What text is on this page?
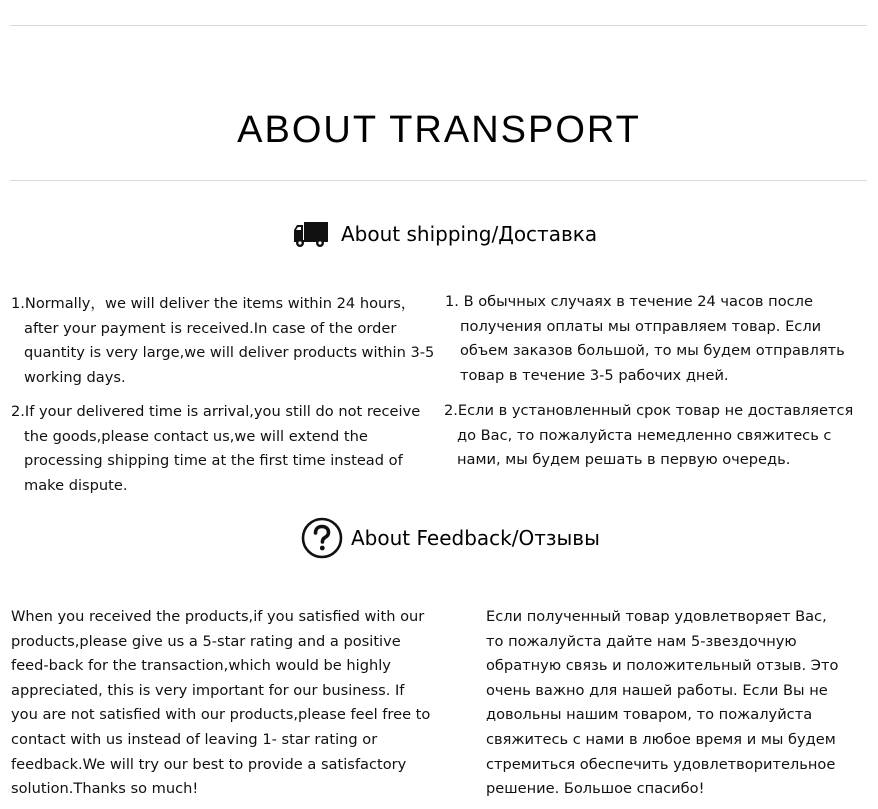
ABOUT TRANSPORT
About shipping/Доставка

1.Normally，we will deliver the items within 24 hours，after your payment is received.In case of the order quantity is very large,we will deliver products within 3-5 working days.

2.If your delivered time is arrival,you still do not receive the goods,please contact us,we will extend the processing shipping time at the first time instead of make dispute.

1. В обычных случаях в течение 24 часов после получения оплаты мы отправляем товар. Если объем заказов большой, то мы будем отправлять товар в течение 3-5 рабочих дней.

2.Если в установленный срок товар не доставляется до Вас, то пожалуйста немедленно свяжитесь с нами, мы будем решать в первую очередь.

About Feedback/Отзывы

When you received the products,if you satisfied with our products,please give us a 5-star rating and a positive feed-back for the transaction,which would be highly appreciated, this is very important for our business. If you are not satisfied with our products,please feel free to contact with us instead of leaving 1- star rating or feedback.We will try our best to provide a satisfactory solution.Thanks so much!

Если полученный товар удовлетворяет Вас, то пожалуйста дайте нам 5-звездочную обратную связь и положительный отзыв. Это очень важно для нашей работы. Если Вы не довольны нашим товаром, то пожалуйста свяжитесь с нами в любое время и мы будем стремиться обеспечить удовлетворительное решение. Большое спасибо!
